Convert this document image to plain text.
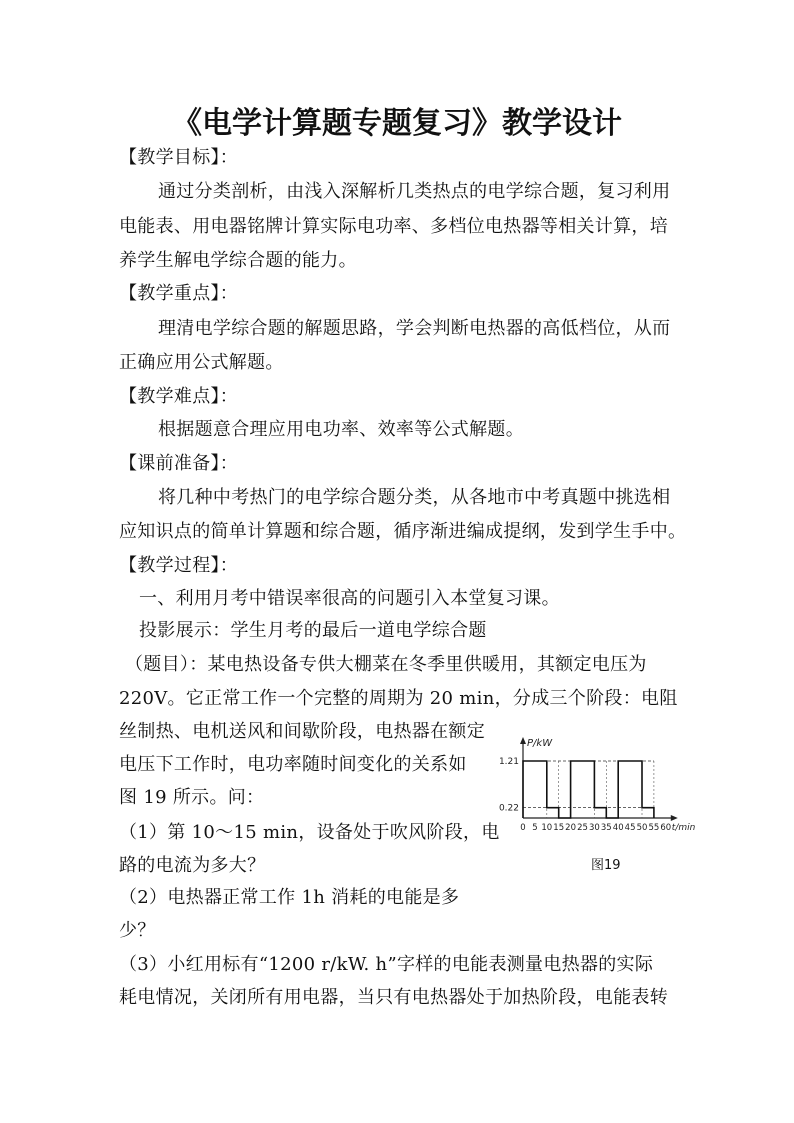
《电学计算题专题复习》教学设计
【教学目标】：
通过分类剖析，由浅入深解析几类热点的电学综合题，复习利用
电能表、用电器铭牌计算实际电功率、多档位电热器等相关计算，培
养学生解电学综合题的能力。
【教学重点】：
理清电学综合题的解题思路，学会判断电热器的高低档位，从而
正确应用公式解题。
【教学难点】：
根据题意合理应用电功率、效率等公式解题。
【课前准备】：
将几种中考热门的电学综合题分类，从各地市中考真题中挑选相
应知识点的简单计算题和综合题，循序渐进编成提纲，发到学生手中。
【教学过程】：
一、利用月考中错误率很高的问题引入本堂复习课。
投影展示：学生月考的最后一道电学综合题
（题目）：某电热设备专供大棚菜在冬季里供暖用，其额定电压为
220V。它正常工作一个完整的周期为 20 min，分成三个阶段：电阻
丝制热、电机送风和间歇阶段，电热器在额定
电压下工作时，电功率随时间变化的关系如
图 19 所示。问：
（1）第 10～15 min，设备处于吹风阶段，电
路的电流为多大？
（2）电热器正常工作 1h 消耗的电能是多
少？
（3）小红用标有“1200 r/kW. h”字样的电能表测量电热器的实际
耗电情况，关闭所有用电器，当只有电热器处于加热阶段，电能表转
P/kW
0.22
1.21
0 5 10 15 20 25 30 35 40 45 50 55 60 t/min
图19
